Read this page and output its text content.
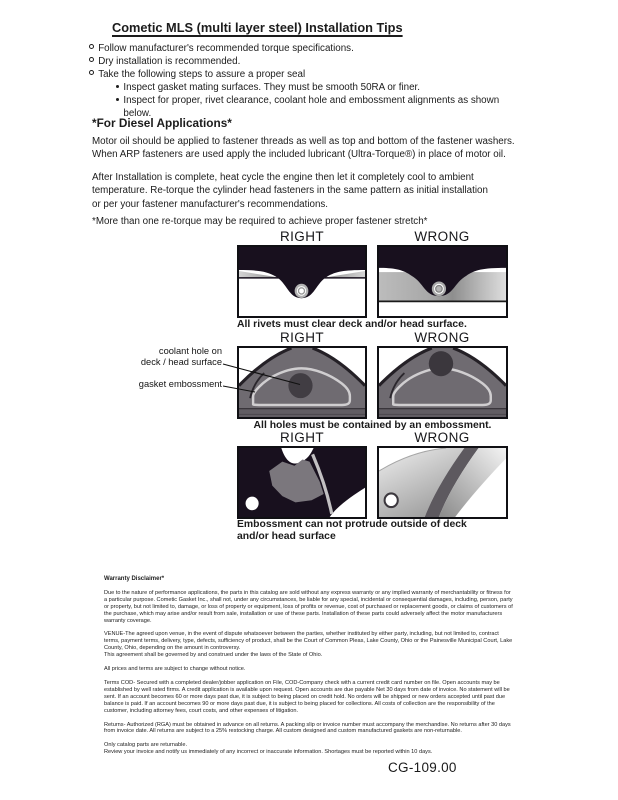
Cometic MLS (multi layer steel) Installation Tips
Follow manufacturer's recommended torque specifications.
Dry installation is recommended.
Take the following steps to assure a proper seal
Inspect gasket mating surfaces. They must be smooth 50RA or finer.
Inspect for proper, rivet clearance, coolant hole and embossment alignments as shown below.
*For Diesel Applications*
Motor oil should be applied to fastener threads as well as top and bottom of the fastener washers.
When ARP fasteners are used apply the included lubricant (Ultra-Torque®) in place of motor oil.
After Installation is complete, heat cycle the engine then let it completely cool to ambient
temperature. Re-torque the cylinder head fasteners in the same pattern as initial installation
or per your fastener manufacturer's recommendations.
*More than one re-torque may be required to achieve proper fastener stretch*
RIGHT	WRONG
All rivets must clear deck and/or head surface.
RIGHT	WRONG
coolant hole on
deck / head surface
gasket embossment
All holes must be contained by an embossment.
RIGHT	WRONG
Embossment can not protrude outside of deck
and/or head surface
Warranty Disclaimer*

Due to the nature of performance applications, the parts in this catalog are sold without any express warranty or any implied warranty of merchantability or fitness for a particular purpose. Cometic Gasket Inc., shall not, under any circumstances, be liable for any special, incidental or consequential damages, including, person, party or property, but not limited to, damage, or loss of property or equipment, loss of profits or revenue, cost of purchased or replacement goods, or claims of customers of the purchase, which may arise and/or result from sale, installation or use of these parts. Installation of these parts could adversely affect the motor manufacturers warranty coverage.

VENUE-The agreed upon venue, in the event of dispute whatsoever between the parties, whether instituted by either party, including, but not limited to, contract terms, payment terms, delivery, type, defects, sufficiency of product, shall be the Court of Common Pleas, Lake County, Ohio or the Painesville Municipal Court, Lake County, Ohio, depending on the amount in controversy.
This agreement shall be governed by and construed under the laws of the State of Ohio.

All prices and terms are subject to change without notice.

Terms COD- Secured with a completed dealer/jobber application on File, COD-Company check with a current credit card number on file. Open accounts may be established by well rated firms. A credit application is available upon request. Open accounts are due payable Net 30 days from date of invoice. No statement will be sent. If an account becomes 60 or more days past due, it is subject to being placed on credit hold. No orders will be shipped or new orders accepted until past due balance is paid. If an account becomes 90 or more days past due, it is subject to being placed for collections. All costs of collection are the responsibility of the customer, including attorney fees, court costs, and other expenses of litigation.

Returns- Authorized (RGA) must be obtained in advance on all returns. A packing slip or invoice number must accompany the merchandise. No returns after 30 days from invoice date. All returns are subject to a 25% restocking charge. All custom designed and custom manufactured gaskets are non-returnable.

Only catalog parts are returnable.
Review your invoice and notify us immediately of any incorrect or inaccurate information. Shortages must be reported within 10 days.

CG-109.00
